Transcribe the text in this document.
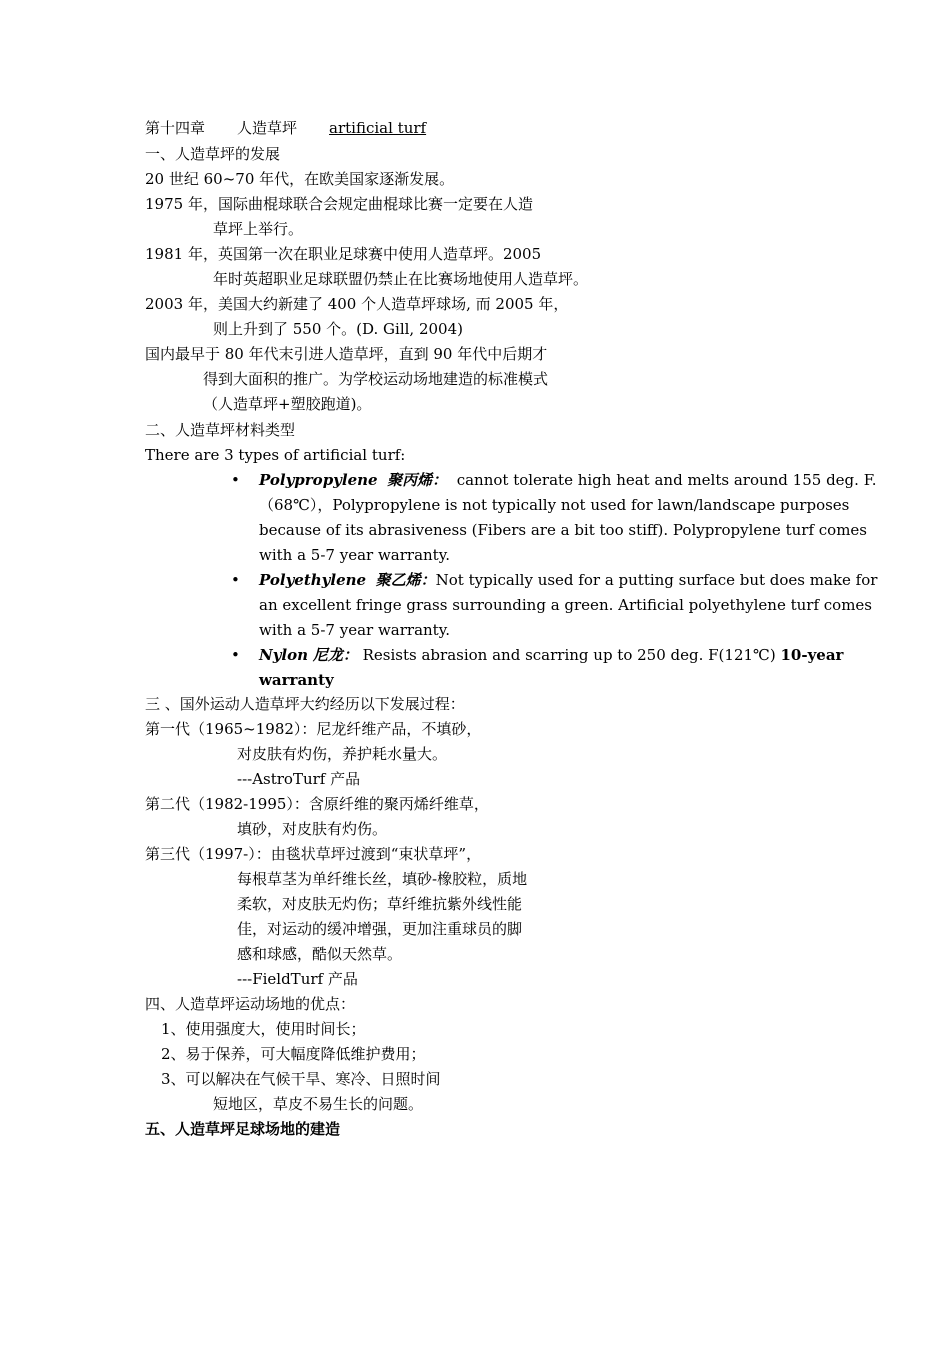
第十四章 人造草坪 artificial turf
一、人造草坪的发展
20 世纪 60~70 年代，在欧美国家逐渐发展。
1975 年，国际曲棍球联合会规定曲棍球比赛一定要在人造
草坪上举行。
1981 年，英国第一次在职业足球赛中使用人造草坪。2005
年时英超职业足球联盟仍禁止在比赛场地使用人造草坪。
2003 年，美国大约新建了 400 个人造草坪球场, 而 2005 年，
则上升到了 550 个。(D. Gill, 2004)
国内最早于 80 年代末引进人造草坪，直到 90 年代中后期才
得到大面积的推广。为学校运动场地建造的标准模式
（人造草坪+塑胶跑道)。
二、人造草坪材料类型
There are 3 types of artificial turf:
• Polypropylene 聚丙烯： cannot tolerate high heat and melts around 155 deg. F.
（68℃），Polypropylene is not typically not used for lawn/landscape purposes
because of its abrasiveness (Fibers are a bit too stiff). Polypropylene turf comes
with a 5-7 year warranty.
• Polyethylene 聚乙烯：Not typically used for a putting surface but does make for
an excellent fringe grass surrounding a green. Artificial polyethylene turf comes
with a 5-7 year warranty.
• Nylon 尼龙： Resists abrasion and scarring up to 250 deg. F(121℃) 10-year
warranty
三 、国外运动人造草坪大约经历以下发展过程：
第一代（1965~1982）：尼龙纤维产品，不填砂，
对皮肤有灼伤，养护耗水量大。
---AstroTurf 产品
第二代（1982-1995）：含原纤维的聚丙烯纤维草，
填砂，对皮肤有灼伤。
第三代（1997-）：由毯状草坪过渡到“束状草坪”，
每根草茎为单纤维长丝，填砂-橡胶粒，质地
柔软，对皮肤无灼伤；草纤维抗紫外线性能
佳，对运动的缓冲增强，更加注重球员的脚
感和球感，酷似天然草。
---FieldTurf 产品
四、人造草坪运动场地的优点：
1、使用强度大，使用时间长；
2、易于保养，可大幅度降低维护费用；
3、可以解决在气候干旱、寒冷、日照时间
短地区，草皮不易生长的问题。
五、人造草坪足球场地的建造
